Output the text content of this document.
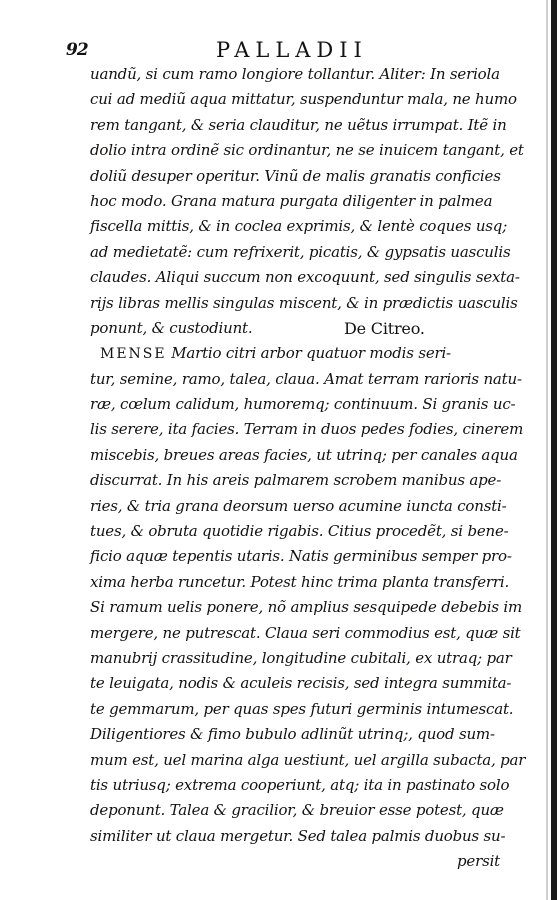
92	PALLADII
uandũ, si cum ramo longiore tollantur. Aliter: In seriola
cui ad mediũ aqua mittatur, suspenduntur mala, ne humo
rem tangant, & seria clauditur, ne uẽtus irrumpat. Itẽ in
dolio intra ordinẽ sic ordinantur, ne se inuicem tangant, et
doliũ desuper operitur. Vinũ de malis granatis conficies
hoc modo. Grana matura purgata diligenter in palmea
fiscella mittis, & in coclea exprimis, & lentè coques usq;
ad medietatẽ: cum refrixerit, picatis, & gypsatis uasculis
claudes. Aliqui succum non excoquunt, sed singulis sexta-
rijs libras mellis singulas miscent, & in prædictis uasculis
ponunt, & custodiunt.	De Citreo.
MENSE Martio citri arbor quatuor modis seri-
tur, semine, ramo, talea, claua. Amat terram rarioris natu-
ræ, cœlum calidum, humoremq; continuum. Si granis uc-
lis serere, ita facies. Terram in duos pedes fodies, cinerem
miscebis, breues areas facies, ut utrinq; per canales aqua
discurrat. In his areis palmarem scrobem manibus ape-
ries, & tria grana deorsum uerso acumine iuncta consti-
tues, & obruta quotidie rigabis. Citius procedẽt, si bene-
ficio aquæ tepentis utaris. Natis germinibus semper pro-
xima herba runcetur. Potest hinc trima planta transferri.
Si ramum uelis ponere, nõ amplius sesquipede debebis im
mergere, ne putrescat. Claua seri commodius est, quæ sit
manubrij crassitudine, longitudine cubitali, ex utraq; par
te leuigata, nodis & aculeis recisis, sed integra summita-
te gemmarum, per quas spes futuri germinis intumescat.
Diligentiores & fimo bubulo adlinũt utrinq;, quod sum-
mum est, uel marina alga uestiunt, uel argilla subacta, par
tis utriusq; extrema cooperiunt, atq; ita in pastinato solo
deponunt. Talea & gracilior, & breuior esse potest, quæ
similiter ut claua mergetur. Sed talea palmis duobus su-
persit
